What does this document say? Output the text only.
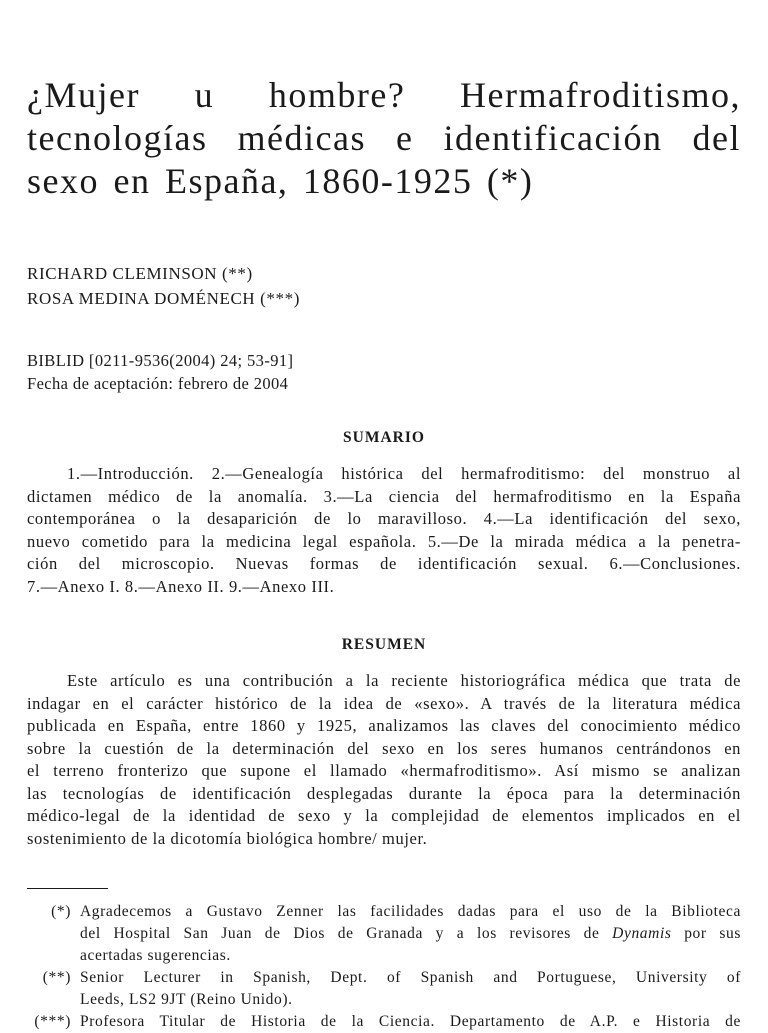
¿Mujer u hombre? Hermafroditismo,
tecnologías médicas e identificación del
sexo en España, 1860-1925 (*)
RICHARD CLEMINSON (**)
ROSA MEDINA DOMÉNECH (***)
BIBLID [0211-9536(2004) 24; 53-91]
Fecha de aceptación: febrero de 2004
SUMARIO
1.—Introducción. 2.—Genealogía histórica del hermafroditismo: del monstruo al
dictamen médico de la anomalía. 3.—La ciencia del hermafroditismo en la España
contemporánea o la desaparición de lo maravilloso. 4.—La identificación del sexo,
nuevo cometido para la medicina legal española. 5.—De la mirada médica a la penetra-
ción del microscopio. Nuevas formas de identificación sexual. 6.—Conclusiones.
7.—Anexo I. 8.—Anexo II. 9.—Anexo III.
RESUMEN
Este artículo es una contribución a la reciente historiográfica médica que trata de
indagar en el carácter histórico de la idea de «sexo». A través de la literatura médica
publicada en España, entre 1860 y 1925, analizamos las claves del conocimiento médico
sobre la cuestión de la determinación del sexo en los seres humanos centrándonos en
el terreno fronterizo que supone el llamado «hermafroditismo». Así mismo se analizan
las tecnologías de identificación desplegadas durante la época para la determinación
médico-legal de la identidad de sexo y la complejidad de elementos implicados en el
sostenimiento de la dicotomía biológica hombre/ mujer.
(*) Agradecemos a Gustavo Zenner las facilidades dadas para el uso de la Biblioteca
del Hospital San Juan de Dios de Granada y a los revisores de Dynamis por sus
acertadas sugerencias.
(**) Senior Lecturer in Spanish, Dept. of Spanish and Portuguese, University of
Leeds, LS2 9JT (Reino Unido).
(***) Profesora Titular de Historia de la Ciencia. Departamento de A.P. e Historia de
